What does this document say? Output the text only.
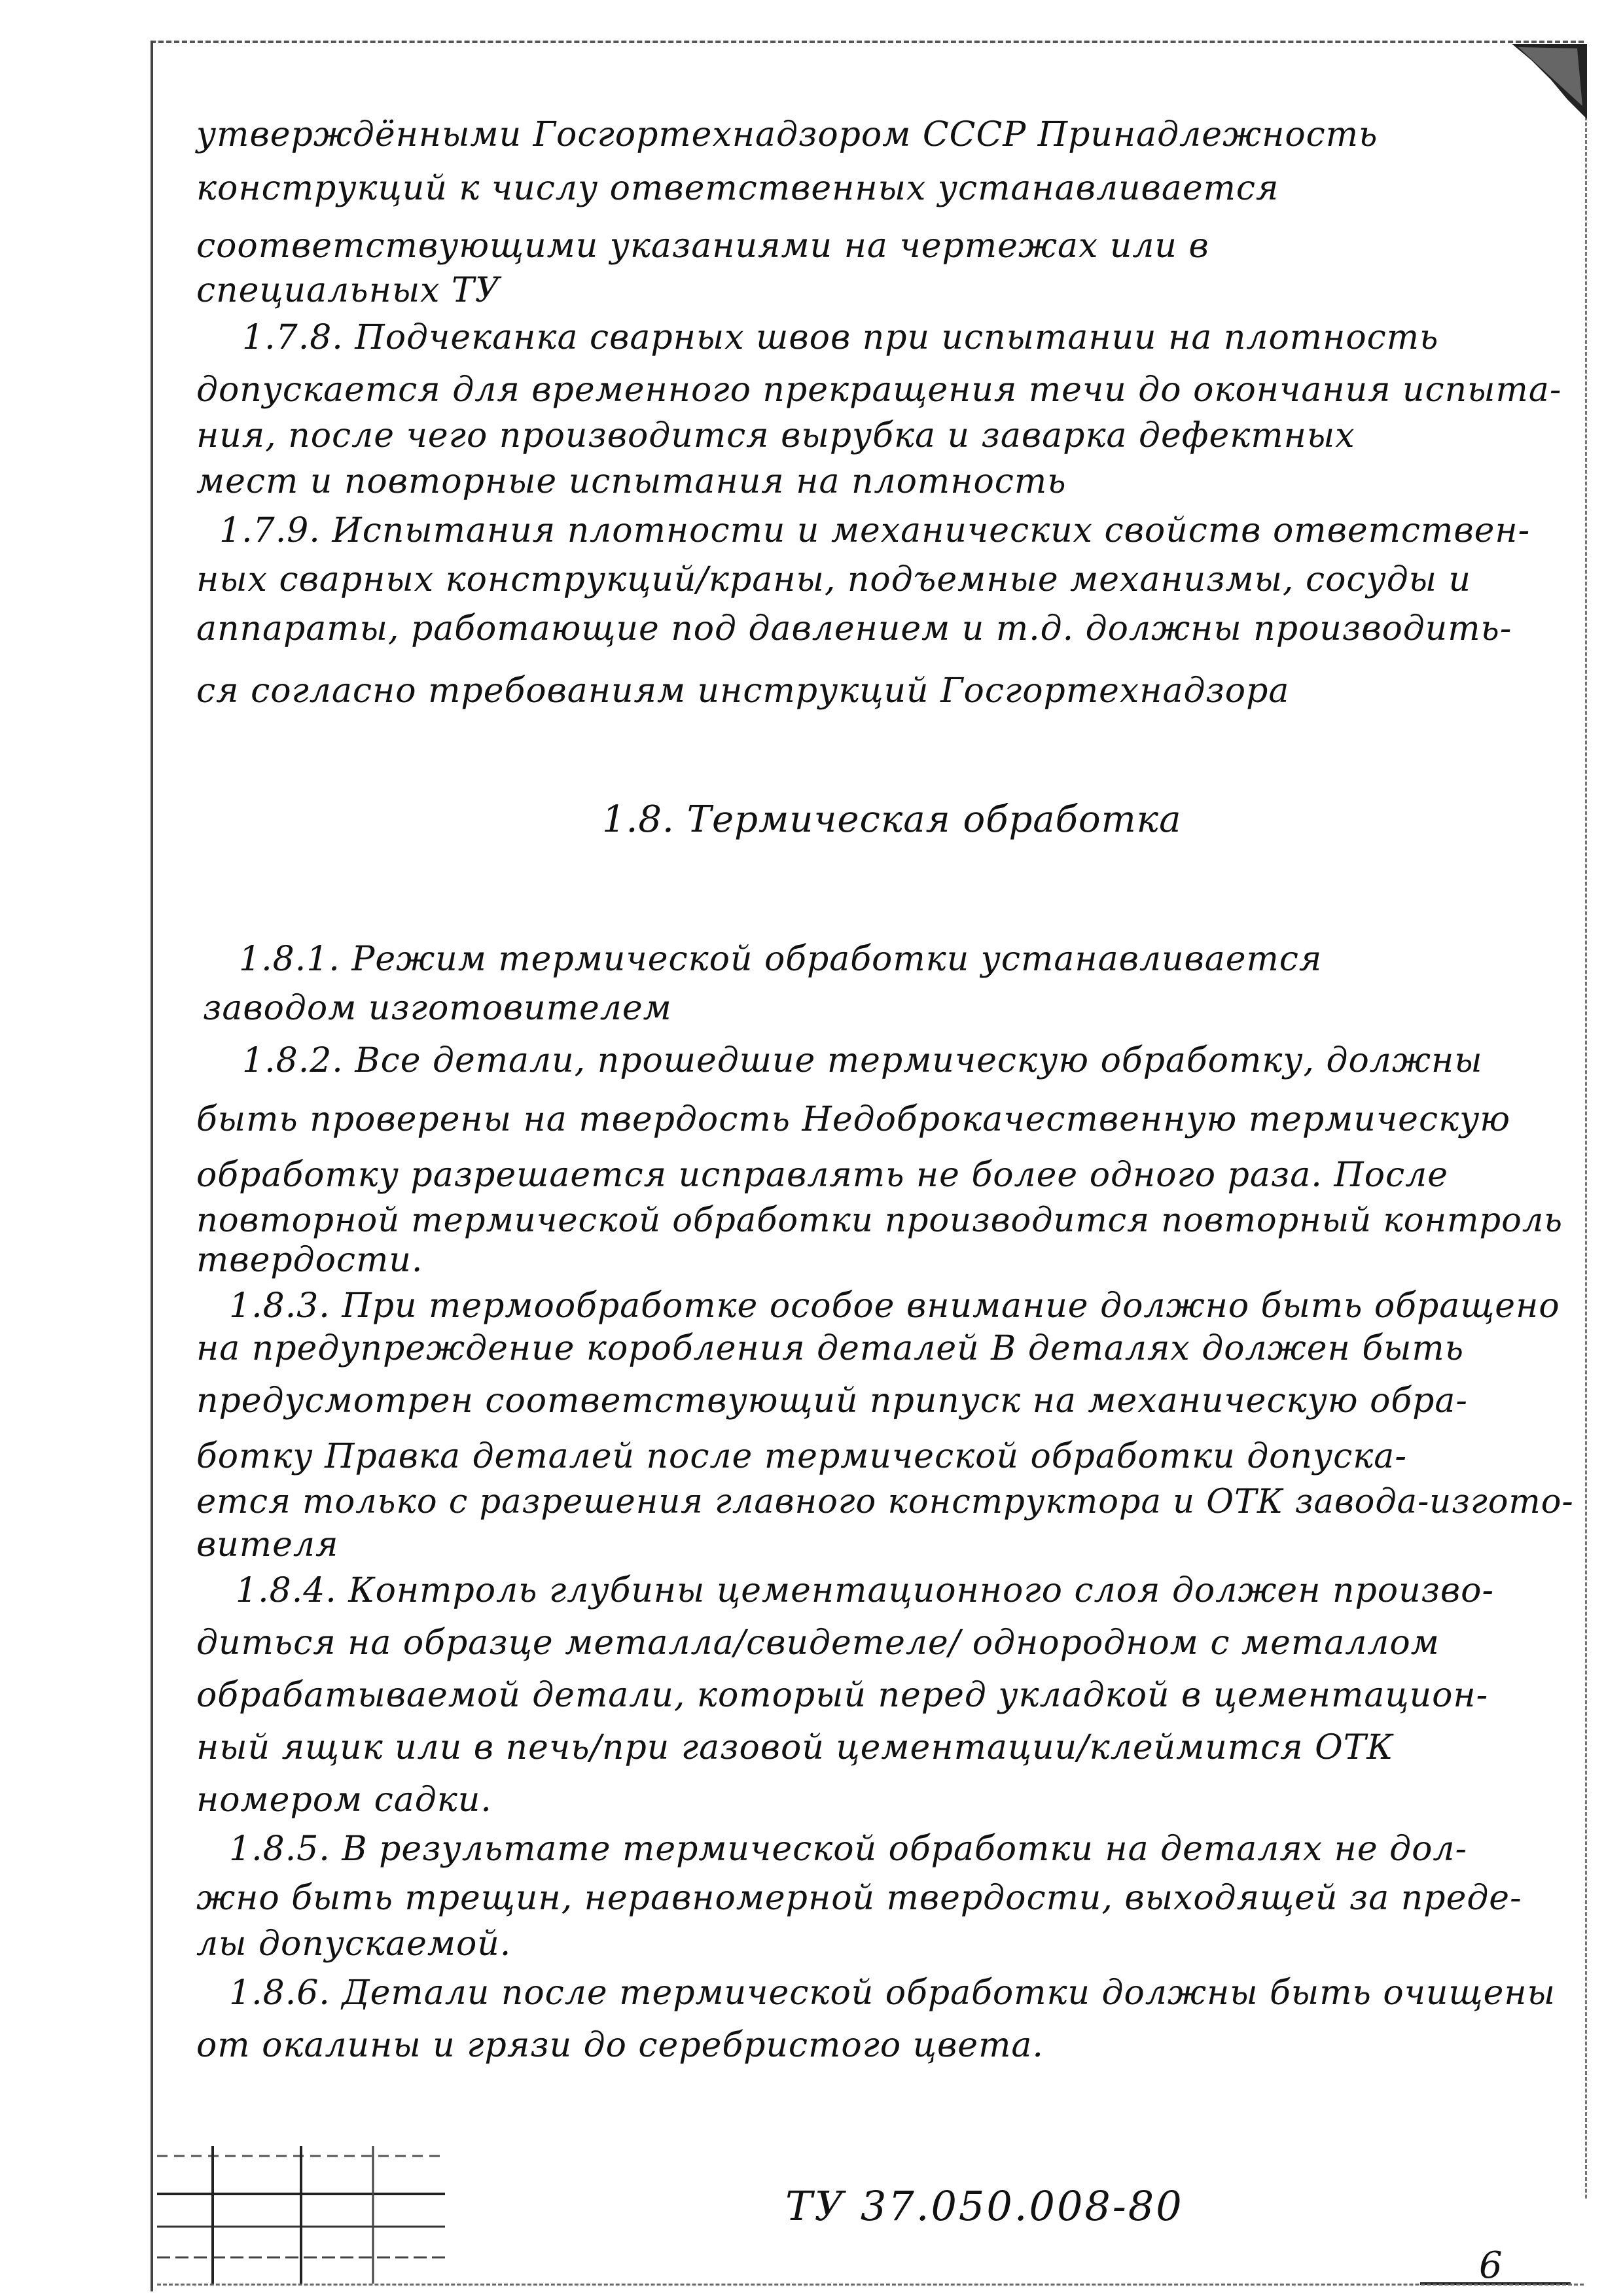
утверждёнными Госгортехнадзором СССР Принадлежность
конструкций к числу ответственных устанавливается
соответствующими указаниями на чертежах или в
специальных ТУ
1.7.8. Подчеканка сварных швов при испытании на плотность
допускается для временного прекращения течи до окончания испыта-
ния, после чего производится вырубка и заварка дефектных
мест и повторные испытания на плотность
1.7.9. Испытания плотности и механических свойств ответствен-
ных сварных конструкций/краны, подъемные механизмы, сосуды и
аппараты, работающие под давлением и т.д. должны производить-
ся согласно требованиям инструкций Госгортехнадзора
1.8. Термическая обработка
1.8.1. Режим термической обработки устанавливается
заводом изготовителем
1.8.2. Все детали, прошедшие термическую обработку, должны
быть проверены на твердость Недоброкачественную термическую
обработку разрешается исправлять не более одного раза. После
повторной термической обработки производится повторный контроль
твердости.
1.8.3. При термообработке особое внимание должно быть обращено
на предупреждение коробления деталей В деталях должен быть
предусмотрен соответствующий припуск на механическую обра-
ботку Правка деталей после термической обработки допуска-
ется только с разрешения главного конструктора и ОТК завода-изгото-
вителя
1.8.4. Контроль глубины цементационного слоя должен произво-
диться на образце металла/свидетеле/ однородном с металлом
обрабатываемой детали, который перед укладкой в цементацион-
ный ящик или в печь/при газовой цементации/клеймится ОТК
номером садки.
1.8.5. В результате термической обработки на деталях не дол-
жно быть трещин, неравномерной твердости, выходящей за преде-
лы допускаемой.
1.8.6. Детали после термической обработки должны быть очищены
от окалины и грязи до серебристого цвета.
ТУ 37.050.008-80
6
